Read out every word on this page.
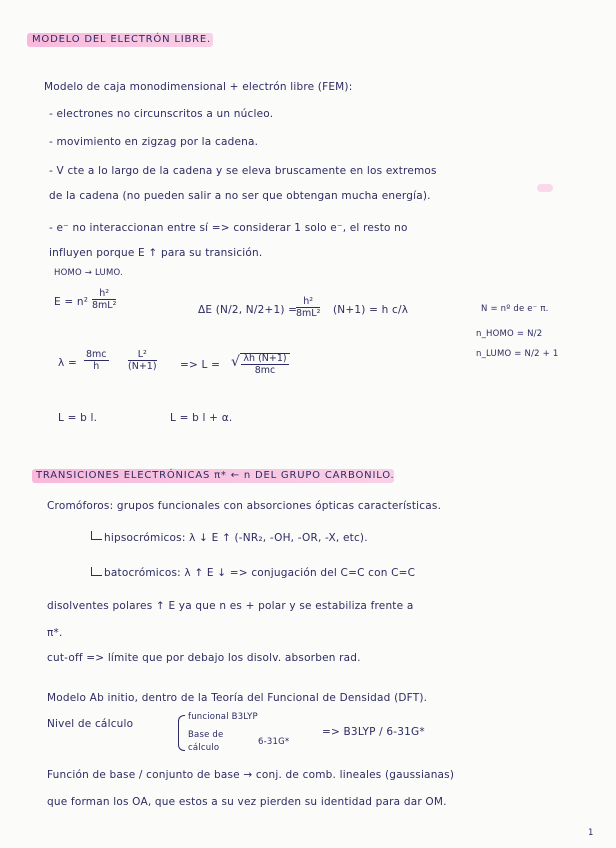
MODELO DEL ELECTRÓN LIBRE.
Modelo de caja monodimensional + electrón libre (FEM):
- electrones no circunscritos a un núcleo.
- movimiento en zigzag por la cadena.
- V cte a lo largo de la cadena y se eleva bruscamente en los extremos
de la cadena (no pueden salir a no ser que obtengan mucha energía).
- e⁻ no interaccionan entre sí => considerar 1 solo e⁻, el resto no
influyen porque E ↑ para su transición.
HOMO → LUMO.
$E = n^2 \frac{\text{h²}}{\text{8mL²}}$	ΔE (N/2, N/2+1) =
$\frac{\text{h²}}{\text{8mL²}} (N+1) = h$ c/λ	N = nº de e⁻ π.
n_HOMO = N/2
n_LUMO = N/2 + 1
$\lambda = \frac{8mc}{h} \frac{\text{L²}}{(N+1)} => L$ = √ $\frac{\lambda h (N+1)}{8mc}$
L = b l.	L = b l + α.
TRANSICIONES ELECTRÓNICAS π* ← n DEL GRUPO CARBONILO.
Cromóforos: grupos funcionales con absorciones ópticas características.
hipsocrómicos: λ ↓ E ↑ (-NR₂, -OH, -OR, -X, etc).
batocrómicos: λ ↑ E ↓ => conjugación del C=C con C=C
disolventes polares ↑ E ya que n es + polar y se estabiliza frente a
π*.
cut-off => límite que por debajo los disolv. absorben rad.
Modelo Ab initio, dentro de la Teoría del Funcional de Densidad (DFT).
Nivel de cálculo
funcional B3LYP
Base de
cálculo
6-31G*
=> B3LYP / 6-31G*
Función de base / conjunto de base → conj. de comb. lineales (gaussianas)
que forman los OA, que estos a su vez pierden su identidad para dar OM.
1
